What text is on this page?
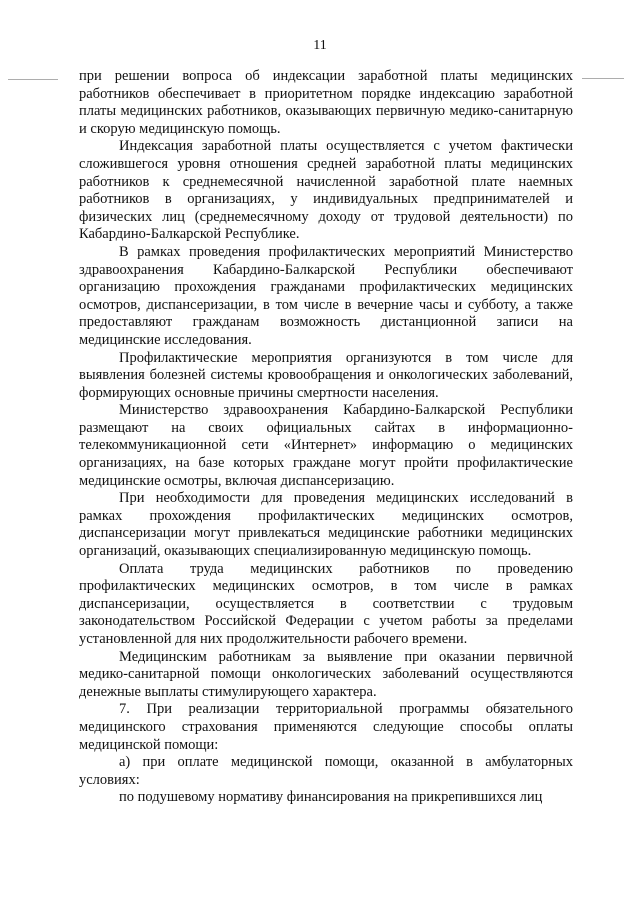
11

при решении вопроса об индексации заработной платы медицинских работников обеспечивает в приоритетном порядке индексацию заработной платы медицинских работников, оказывающих первичную медико-санитарную и скорую медицинскую помощь.

Индексация заработной платы осуществляется с учетом фактически сложившегося уровня отношения средней заработной платы медицинских работников к среднемесячной начисленной заработной плате наемных работников в организациях, у индивидуальных предпринимателей и физических лиц (среднемесячному доходу от трудовой деятельности) по Кабардино-Балкарской Республике.

В рамках проведения профилактических мероприятий Министерство здравоохранения Кабардино-Балкарской Республики обеспечивают организацию прохождения гражданами профилактических медицинских осмотров, диспансеризации, в том числе в вечерние часы и субботу, а также предоставляют гражданам возможность дистанционной записи на медицинские исследования.

Профилактические мероприятия организуются в том числе для выявления болезней системы кровообращения и онкологических заболеваний, формирующих основные причины смертности населения.

Министерство здравоохранения Кабардино-Балкарской Республики размещают на своих официальных сайтах в информационно-телекоммуникационной сети «Интернет» информацию о медицинских организациях, на базе которых граждане могут пройти профилактические медицинские осмотры, включая диспансеризацию.

При необходимости для проведения медицинских исследований в рамках прохождения профилактических медицинских осмотров, диспансеризации могут привлекаться медицинские работники медицинских организаций, оказывающих специализированную медицинскую помощь.

Оплата труда медицинских работников по проведению профилактических медицинских осмотров, в том числе в рамках диспансеризации, осуществляется в соответствии с трудовым законодательством Российской Федерации с учетом работы за пределами установленной для них продолжительности рабочего времени.

Медицинским работникам за выявление при оказании первичной медико-санитарной помощи онкологических заболеваний осуществляются денежные выплаты стимулирующего характера.

7. При реализации территориальной программы обязательного медицинского страхования применяются следующие способы оплаты медицинской помощи:

а) при оплате медицинской помощи, оказанной в амбулаторных условиях:

по подушевому нормативу финансирования на прикрепившихся лиц
